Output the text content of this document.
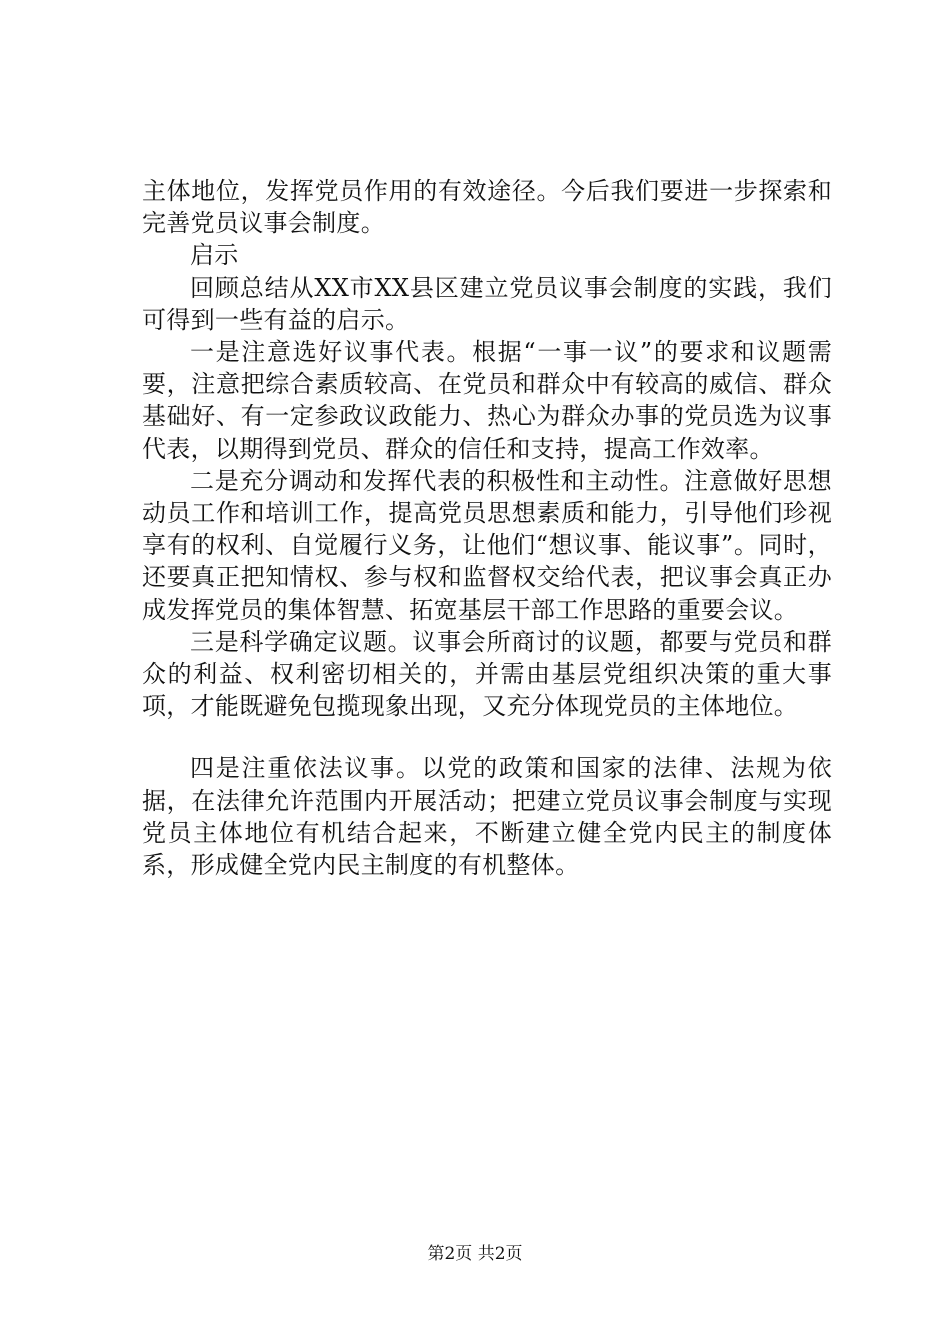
主体地位，发挥党员作用的有效途径。今后我们要进一步探索和完善党员议事会制度。

启示

回顾总结从XX市XX县区建立党员议事会制度的实践，我们可得到一些有益的启示。

一是注意选好议事代表。根据“一事一议”的要求和议题需要，注意把综合素质较高、在党员和群众中有较高的威信、群众基础好、有一定参政议政能力、热心为群众办事的党员选为议事代表，以期得到党员、群众的信任和支持，提高工作效率。

二是充分调动和发挥代表的积极性和主动性。注意做好思想动员工作和培训工作，提高党员思想素质和能力，引导他们珍视享有的权利、自觉履行义务，让他们“想议事、能议事”。同时，还要真正把知情权、参与权和监督权交给代表，把议事会真正办成发挥党员的集体智慧、拓宽基层干部工作思路的重要会议。

三是科学确定议题。议事会所商讨的议题，都要与党员和群众的利益、权利密切相关的，并需由基层党组织决策的重大事项，才能既避免包揽现象出现，又充分体现党员的主体地位。

四是注重依法议事。以党的政策和国家的法律、法规为依据，在法律允许范围内开展活动；把建立党员议事会制度与实现党员主体地位有机结合起来，不断建立健全党内民主的制度体系，形成健全党内民主制度的有机整体。

第2页 共2页
